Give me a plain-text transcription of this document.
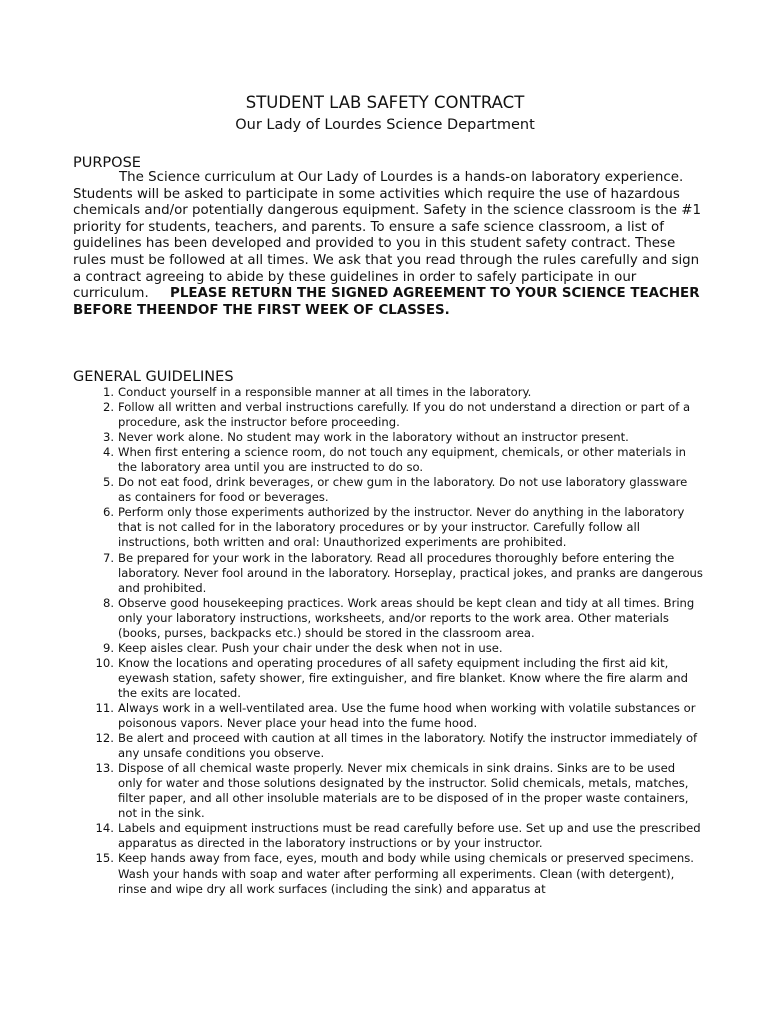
STUDENT LAB SAFETY CONTRACT
Our Lady of Lourdes Science Department
PURPOSE

The Science curriculum at Our Lady of Lourdes is a hands-on laboratory experience. Students will be asked to participate in some activities which require the use of hazardous chemicals and/or potentially dangerous equipment. Safety in the science classroom is the #1 priority for students, teachers, and parents. To ensure a safe science classroom, a list of guidelines has been developed and provided to you in this student safety contract. These rules must be followed at all times. We ask that you read through the rules carefully and sign a contract agreeing to abide by these guidelines in order to safely participate in our curriculum. PLEASE RETURN THE SIGNED AGREEMENT TO YOUR SCIENCE TEACHER BEFORE THEENDOF THE FIRST WEEK OF CLASSES.

GENERAL GUIDELINES
1. Conduct yourself in a responsible manner at all times in the laboratory.
2. Follow all written and verbal instructions carefully. If you do not understand a direction or part of a procedure, ask the instructor before proceeding.
3. Never work alone. No student may work in the laboratory without an instructor present.
4. When first entering a science room, do not touch any equipment, chemicals, or other materials in the laboratory area until you are instructed to do so.
5. Do not eat food, drink beverages, or chew gum in the laboratory. Do not use laboratory glassware as containers for food or beverages.
6. Perform only those experiments authorized by the instructor. Never do anything in the laboratory that is not called for in the laboratory procedures or by your instructor. Carefully follow all instructions, both written and oral: Unauthorized experiments are prohibited.
7. Be prepared for your work in the laboratory. Read all procedures thoroughly before entering the laboratory. Never fool around in the laboratory. Horseplay, practical jokes, and pranks are dangerous and prohibited.
8. Observe good housekeeping practices. Work areas should be kept clean and tidy at all times. Bring only your laboratory instructions, worksheets, and/or reports to the work area. Other materials (books, purses, backpacks etc.) should be stored in the classroom area.
9. Keep aisles clear. Push your chair under the desk when not in use.
10. Know the locations and operating procedures of all safety equipment including the first aid kit, eyewash station, safety shower, fire extinguisher, and fire blanket. Know where the fire alarm and the exits are located.
11. Always work in a well-ventilated area. Use the fume hood when working with volatile substances or poisonous vapors. Never place your head into the fume hood.
12. Be alert and proceed with caution at all times in the laboratory. Notify the instructor immediately of any unsafe conditions you observe.
13. Dispose of all chemical waste properly. Never mix chemicals in sink drains. Sinks are to be used only for water and those solutions designated by the instructor. Solid chemicals, metals, matches, filter paper, and all other insoluble materials are to be disposed of in the proper waste containers, not in the sink.
14. Labels and equipment instructions must be read carefully before use. Set up and use the prescribed apparatus as directed in the laboratory instructions or by your instructor.
15. Keep hands away from face, eyes, mouth and body while using chemicals or preserved specimens. Wash your hands with soap and water after performing all experiments. Clean (with detergent), rinse and wipe dry all work surfaces (including the sink) and apparatus at
